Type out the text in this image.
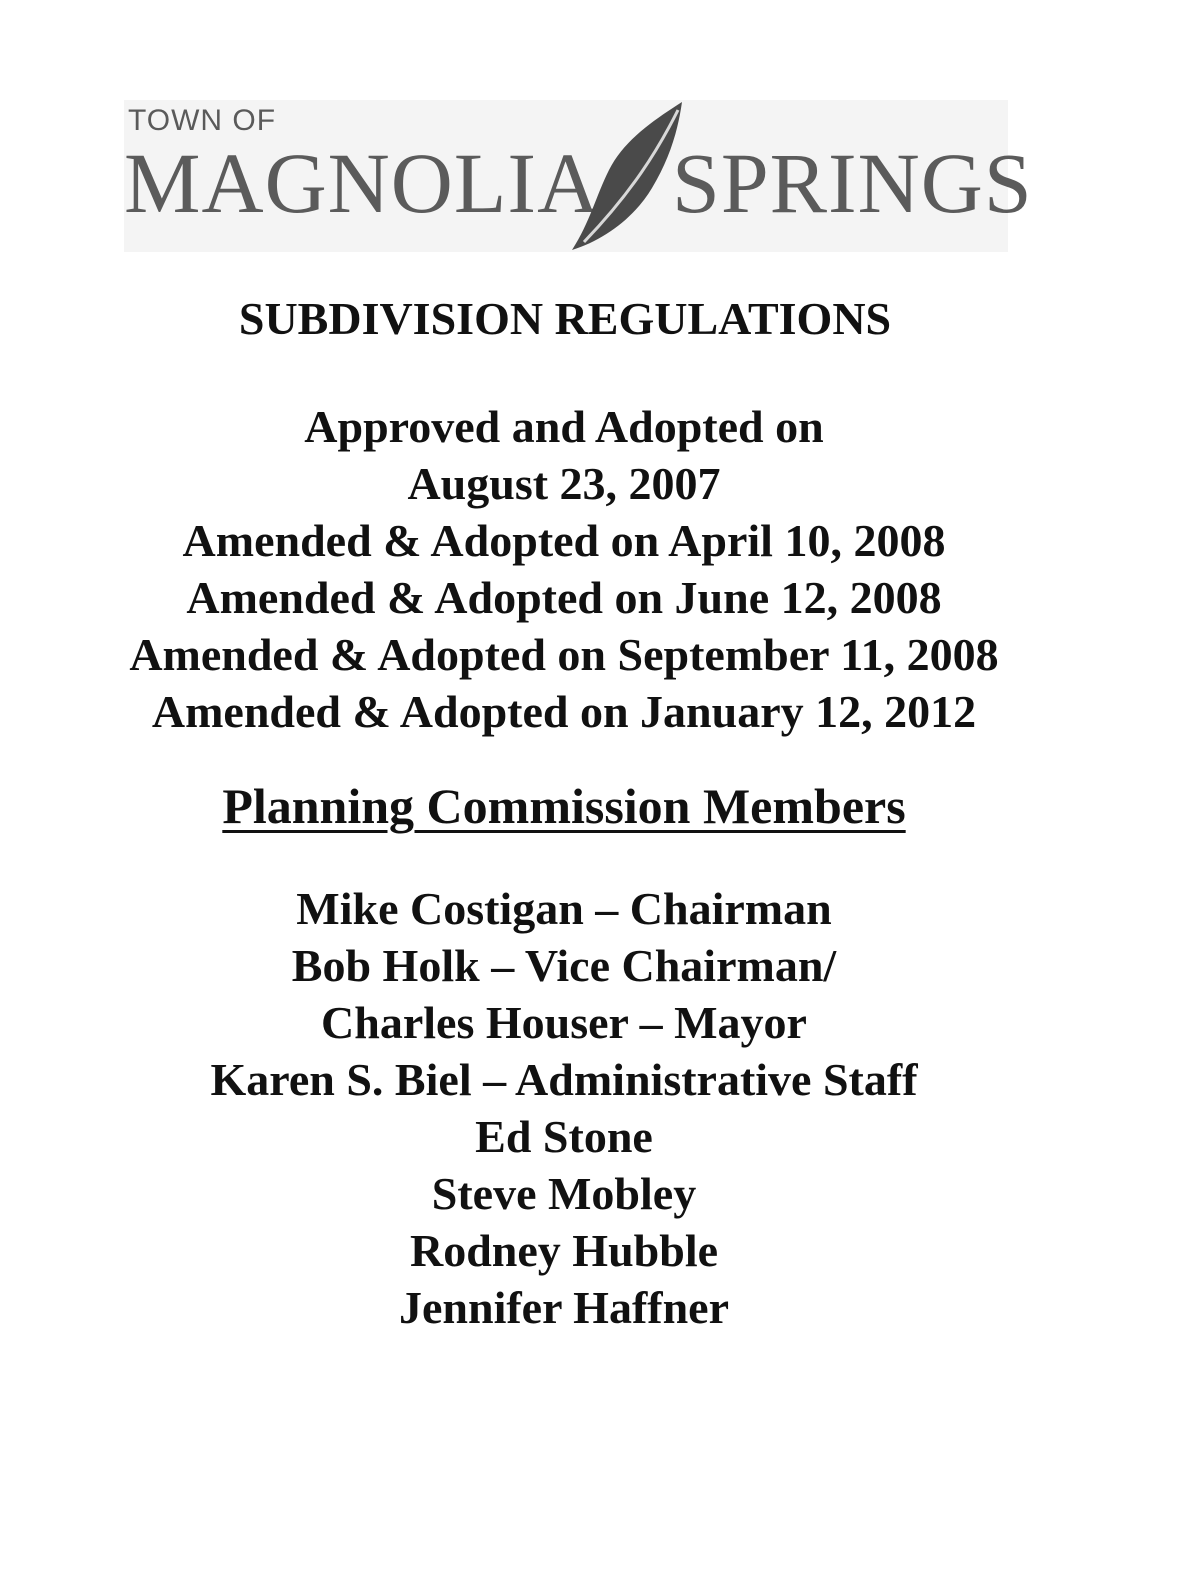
TOWN OF
MAGNOLIA SPRINGS
SUBDIVISION REGULATIONS
Approved and Adopted on
August 23, 2007
Amended & Adopted on April 10, 2008
Amended & Adopted on June 12, 2008
Amended & Adopted on September 11, 2008
Amended & Adopted on January 12, 2012
Planning Commission Members
Mike Costigan – Chairman
Bob Holk – Vice Chairman/
Charles Houser – Mayor
Karen S. Biel – Administrative Staff
Ed Stone
Steve Mobley
Rodney Hubble
Jennifer Haffner
